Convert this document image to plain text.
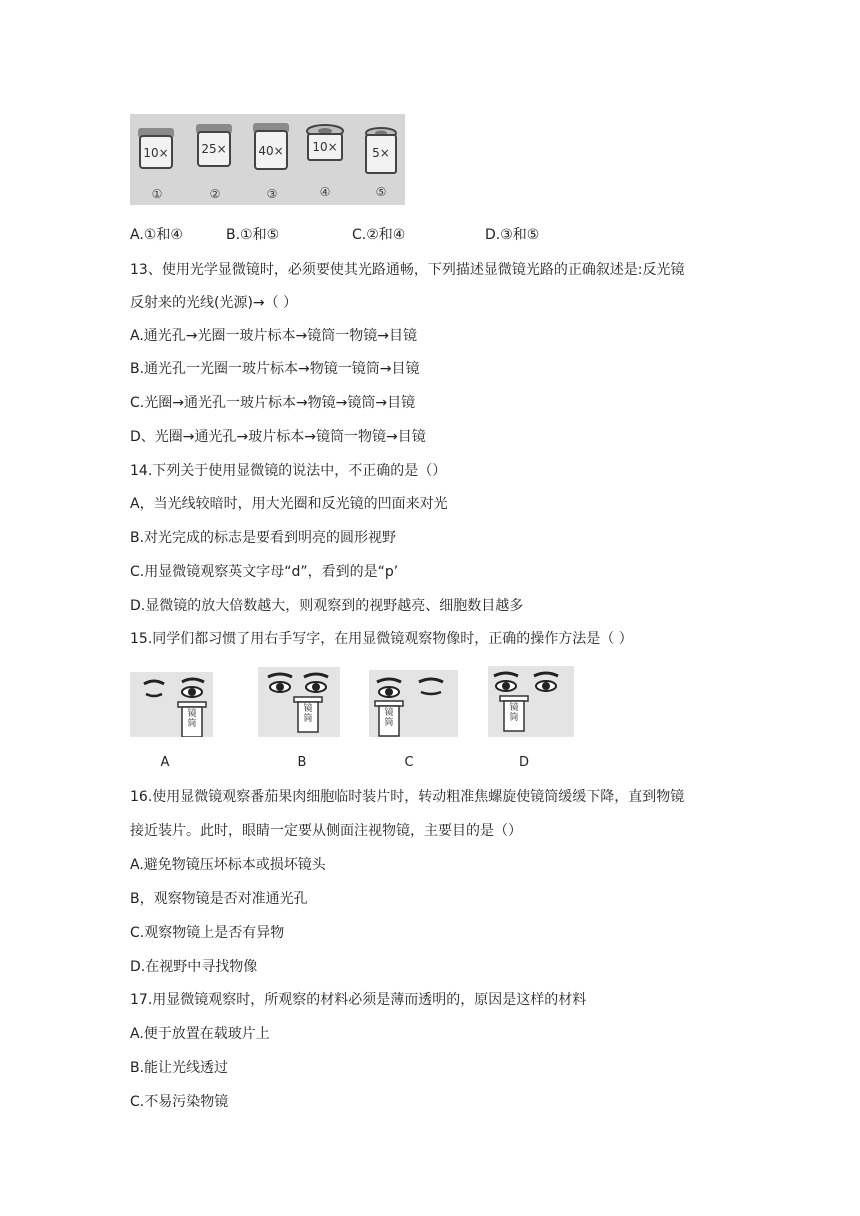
10×	25×	40× 10×	5×
①	②	③	④	⑤
A.①和④	B.①和⑤	C.②和④	D.③和⑤
13、使用光学显微镜时，必须要使其光路通畅，下列描述显微镜光路的正确叙述是:反光镜
反射来的光线(光源)→（ ）
A.通光孔→光圈一玻片标本→镜筒一物镜→目镜
B.通光孔一光圈一玻片标本→物镜一镜筒→目镜
C.光圈→通光孔一玻片标本→物镜→镜筒→目镜
D、光圈→通光孔→玻片标本→镜筒一物镜→目镜
14.下列关于使用显微镜的说法中，不正确的是（）
A，当光线较暗时，用大光圈和反光镜的凹面来对光
B.对光完成的标志是要看到明亮的圆形视野
C.用显微镜观察英文字母“d”，看到的是“p’
D.显微镜的放大倍数越大，则观察到的视野越亮、细胞数目越多
15.同学们都习惯了用右手写字，在用显微镜观察物像时，正确的操作方法是（ ）
镜筒
镜筒
镜筒
镜筒
A	B	C	D
16.使用显微镜观察番茄果肉细胞临时装片时，转动粗准焦螺旋使镜筒缓缓下降，直到物镜
接近装片。此时，眼睛一定要从侧面注视物镜，主要目的是（）
A.避免物镜压坏标本或损坏镜头
B，观察物镜是否对准通光孔
C.观察物镜上是否有异物
D.在视野中寻找物像
17.用显微镜观察时，所观察的材料必须是薄而透明的，原因是这样的材料
A.便于放置在载玻片上
B.能让光线透过
C.不易污染物镜
